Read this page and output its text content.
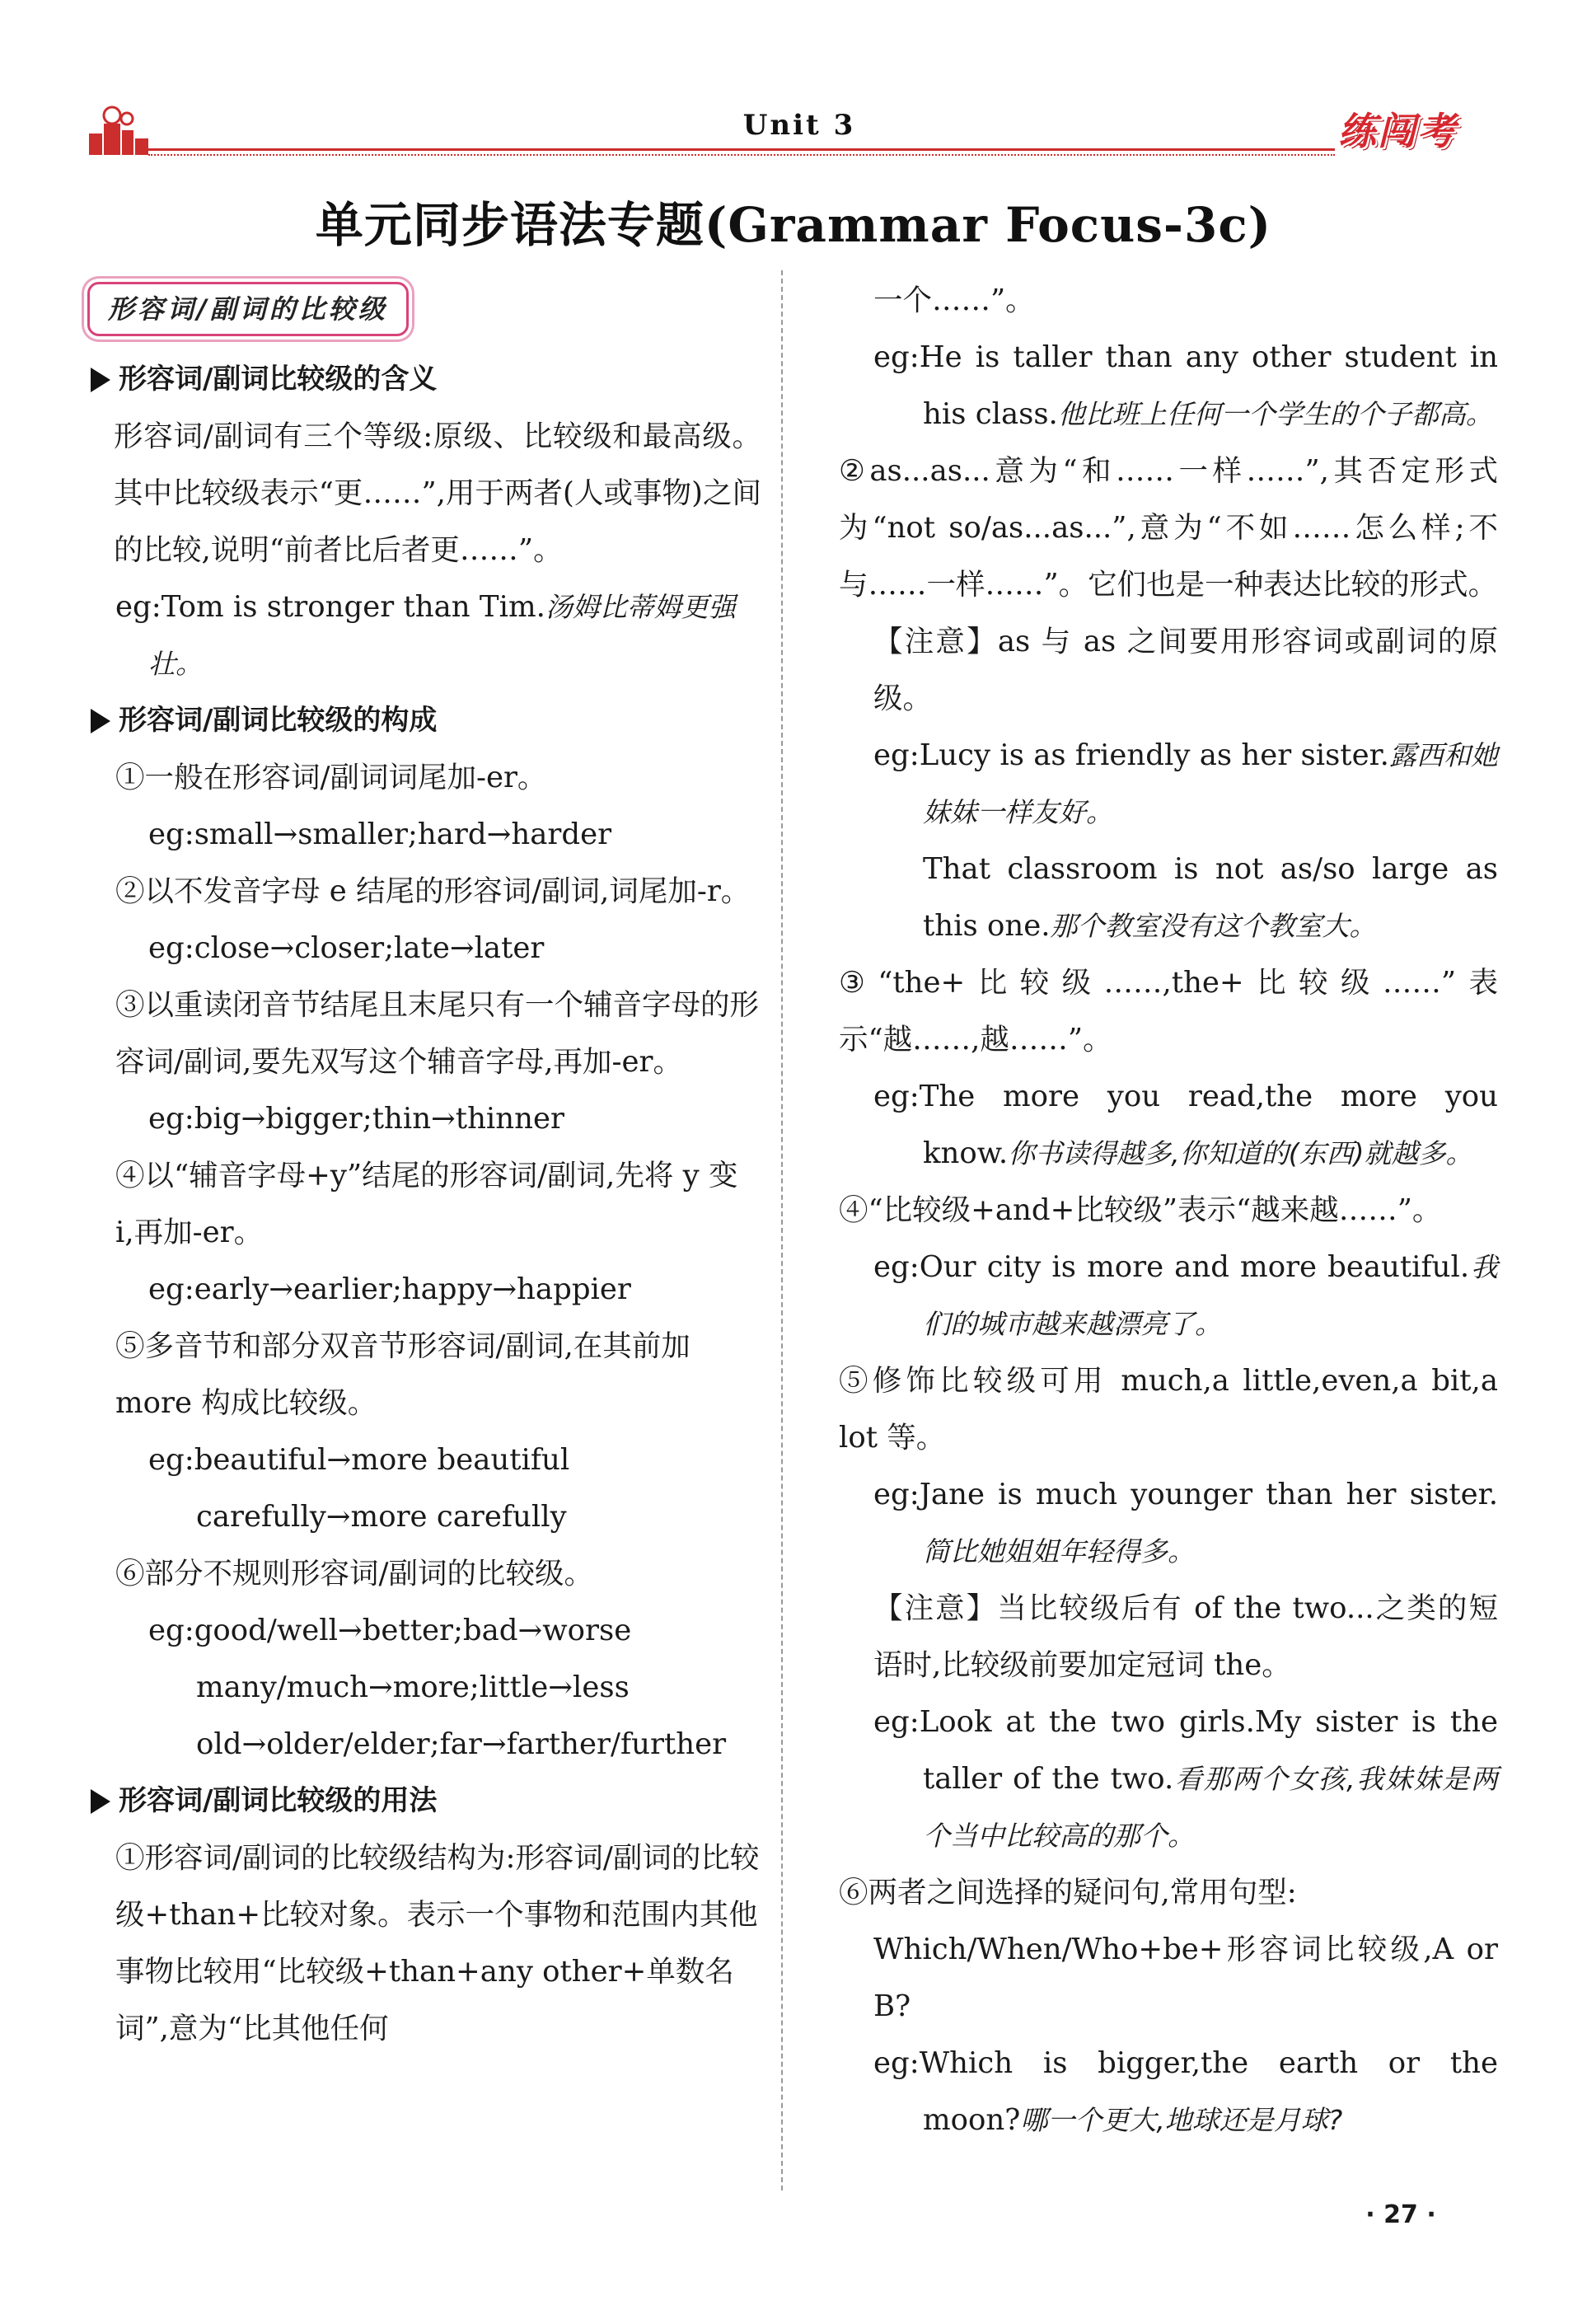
Unit 3	练闯考
单元同步语法专题(Grammar Focus-3c)
形容词/副词的比较级

形容词/副词比较级的含义

形容词/副词有三个等级:原级、比较级和最高级。其中比较级表示“更……”,用于两者(人或事物)之间的比较,说明“前者比后者更……”。

eg:Tom is stronger than Tim.汤姆比蒂姆更强壮。

形容词/副词比较级的构成

①一般在形容词/副词词尾加-er。

eg:small→smaller;hard→harder

②以不发音字母 e 结尾的形容词/副词,词尾加-r。

eg:close→closer;late→later

③以重读闭音节结尾且末尾只有一个辅音字母的形容词/副词,要先双写这个辅音字母,再加-er。

eg:big→bigger;thin→thinner

④以“辅音字母+y”结尾的形容词/副词,先将 y 变 i,再加-er。

eg:early→earlier;happy→happier

⑤多音节和部分双音节形容词/副词,在其前加 more 构成比较级。

eg:beautiful→more beautiful

carefully→more carefully

⑥部分不规则形容词/副词的比较级。

eg:good/well→better;bad→worse

many/much→more;little→less

old→older/elder;far→farther/further

形容词/副词比较级的用法

①形容词/副词的比较级结构为:形容词/副词的比较级+than+比较对象。表示一个事物和范围内其他事物比较用“比较级+than+any other+单数名词”,意为“比其他任何

一个……”。

eg:He is taller than any other student in his class.他比班上任何一个学生的个子都高。

②as...as...意为“和……一样……”,其否定形式为“not so/as...as...”,意为“不如……怎么样;不与……一样……”。它们也是一种表达比较的形式。

【注意】as 与 as 之间要用形容词或副词的原级。

eg:Lucy is as friendly as her sister.露西和她妹妹一样友好。

That classroom is not as/so large as this one.那个教室没有这个教室大。

③“the+比较级……,the+比较级……”表示“越……,越……”。

eg:The more you read,the more you know.你书读得越多,你知道的(东西)就越多。

④“比较级+and+比较级”表示“越来越……”。

eg:Our city is more and more beautiful.我们的城市越来越漂亮了。

⑤修饰比较级可用 much,a little,even,a bit,a lot 等。

eg:Jane is much younger than her sister.简比她姐姐年轻得多。

【注意】当比较级后有 of the two...之类的短语时,比较级前要加定冠词 the。

eg:Look at the two girls.My sister is the taller of the two.看那两个女孩,我妹妹是两个当中比较高的那个。

⑥两者之间选择的疑问句,常用句型:

Which/When/Who+be+形容词比较级,A or B?

eg:Which is bigger,the earth or the moon?哪一个更大,地球还是月球?

· 27 ·
